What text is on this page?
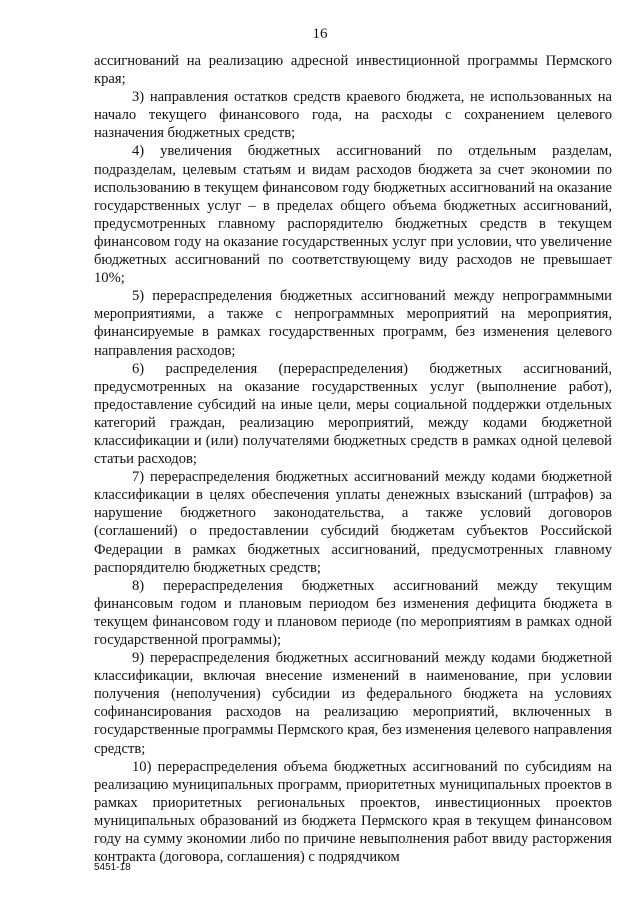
16

ассигнований на реализацию адресной инвестиционной программы Пермского края;

3) направления остатков средств краевого бюджета, не использованных на начало текущего финансового года, на расходы с сохранением целевого назначения бюджетных средств;

4) увеличения бюджетных ассигнований по отдельным разделам, подразделам, целевым статьям и видам расходов бюджета за счет экономии по использованию в текущем финансовом году бюджетных ассигнований на оказание государственных услуг – в пределах общего объема бюджетных ассигнований, предусмотренных главному распорядителю бюджетных средств в текущем финансовом году на оказание государственных услуг при условии, что увеличение бюджетных ассигнований по соответствующему виду расходов не превышает 10%;

5) перераспределения бюджетных ассигнований между непрограммными мероприятиями, а также с непрограммных мероприятий на мероприятия, финансируемые в рамках государственных программ, без изменения целевого направления расходов;

6) распределения (перераспределения) бюджетных ассигнований, предусмотренных на оказание государственных услуг (выполнение работ), предоставление субсидий на иные цели, меры социальной поддержки отдельных категорий граждан, реализацию мероприятий, между кодами бюджетной классификации и (или) получателями бюджетных средств в рамках одной целевой статьи расходов;

7) перераспределения бюджетных ассигнований между кодами бюджетной классификации в целях обеспечения уплаты денежных взысканий (штрафов) за нарушение бюджетного законодательства, а также условий договоров (соглашений) о предоставлении субсидий бюджетам субъектов Российской Федерации в рамках бюджетных ассигнований, предусмотренных главному распорядителю бюджетных средств;

8) перераспределения бюджетных ассигнований между текущим финансовым годом и плановым периодом без изменения дефицита бюджета в текущем финансовом году и плановом периоде (по мероприятиям в рамках одной государственной программы);

9) перераспределения бюджетных ассигнований между кодами бюджетной классификации, включая внесение изменений в наименование, при условии получения (неполучения) субсидии из федерального бюджета на условиях софинансирования расходов на реализацию мероприятий, включенных в государственные программы Пермского края, без изменения целевого направления средств;

10) перераспределения объема бюджетных ассигнований по субсидиям на реализацию муниципальных программ, приоритетных муниципальных проектов в рамках приоритетных региональных проектов, инвестиционных проектов муниципальных образований из бюджета Пермского края в текущем финансовом году на сумму экономии либо по причине невыполнения работ ввиду расторжения контракта (договора, соглашения) с подрядчиком

5451-18
